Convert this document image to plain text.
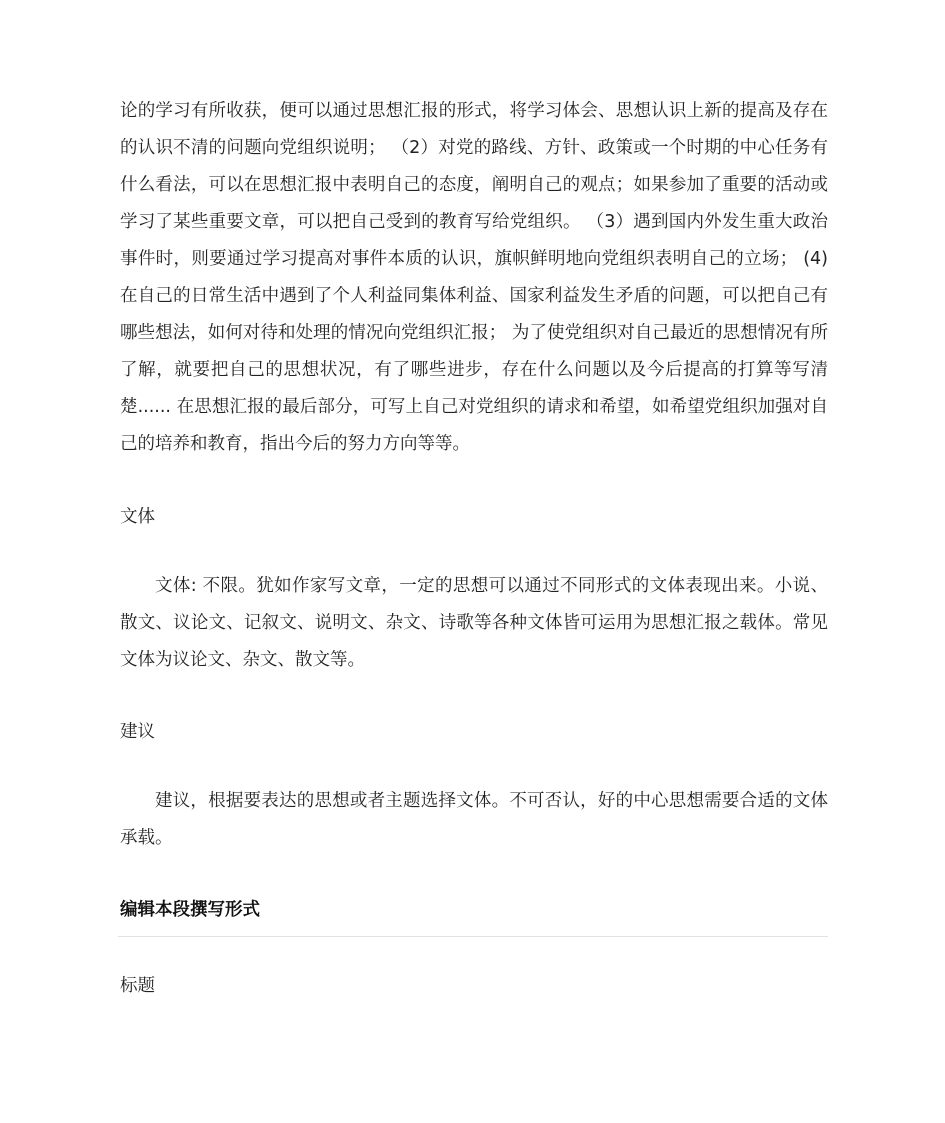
论的学习有所收获，便可以通过思想汇报的形式，将学习体会、思想认识上新的提高及存在的认识不清的问题向党组织说明； （2）对党的路线、方针、政策或一个时期的中心任务有什么看法，可以在思想汇报中表明自己的态度，阐明自己的观点；如果参加了重要的活动或学习了某些重要文章，可以把自己受到的教育写给党组织。 （3）遇到国内外发生重大政治事件时，则要通过学习提高对事件本质的认识，旗帜鲜明地向党组织表明自己的立场； (4) 在自己的日常生活中遇到了个人利益同集体利益、国家利益发生矛盾的问题，可以把自己有哪些想法，如何对待和处理的情况向党组织汇报； 为了使党组织对自己最近的思想情况有所了解，就要把自己的思想状况，有了哪些进步，存在什么问题以及今后提高的打算等写清楚...... 在思想汇报的最后部分，可写上自己对党组织的请求和希望，如希望党组织加强对自己的培养和教育，指出今后的努力方向等等。

文体

文体: 不限。犹如作家写文章，一定的思想可以通过不同形式的文体表现出来。小说、散文、议论文、记叙文、说明文、杂文、诗歌等各种文体皆可运用为思想汇报之载体。常见文体为议论文、杂文、散文等。

建议

建议，根据要表达的思想或者主题选择文体。不可否认，好的中心思想需要合适的文体承载。

编辑本段撰写形式

标题
